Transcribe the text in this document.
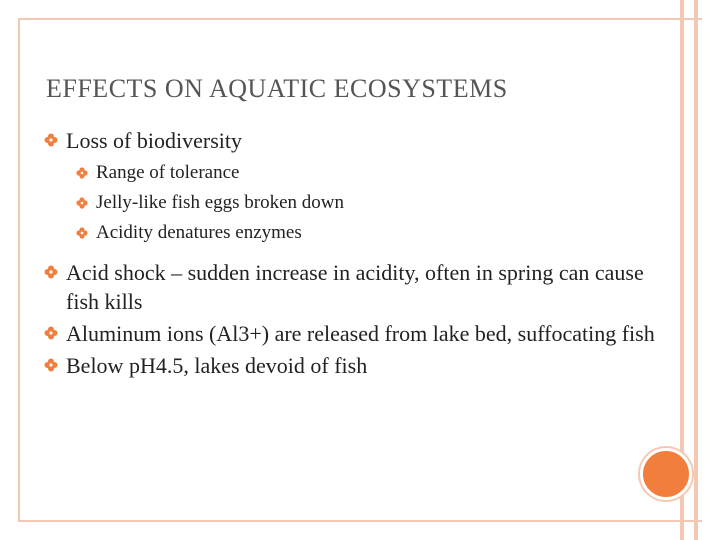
EFFECTS ON AQUATIC ECOSYSTEMS
Loss of biodiversity
Range of tolerance
Jelly-like fish eggs broken down
Acidity denatures enzymes
Acid shock – sudden increase in acidity, often in spring can cause fish kills
Aluminum ions (Al3+) are released from lake bed, suffocating fish
Below pH4.5, lakes devoid of fish
